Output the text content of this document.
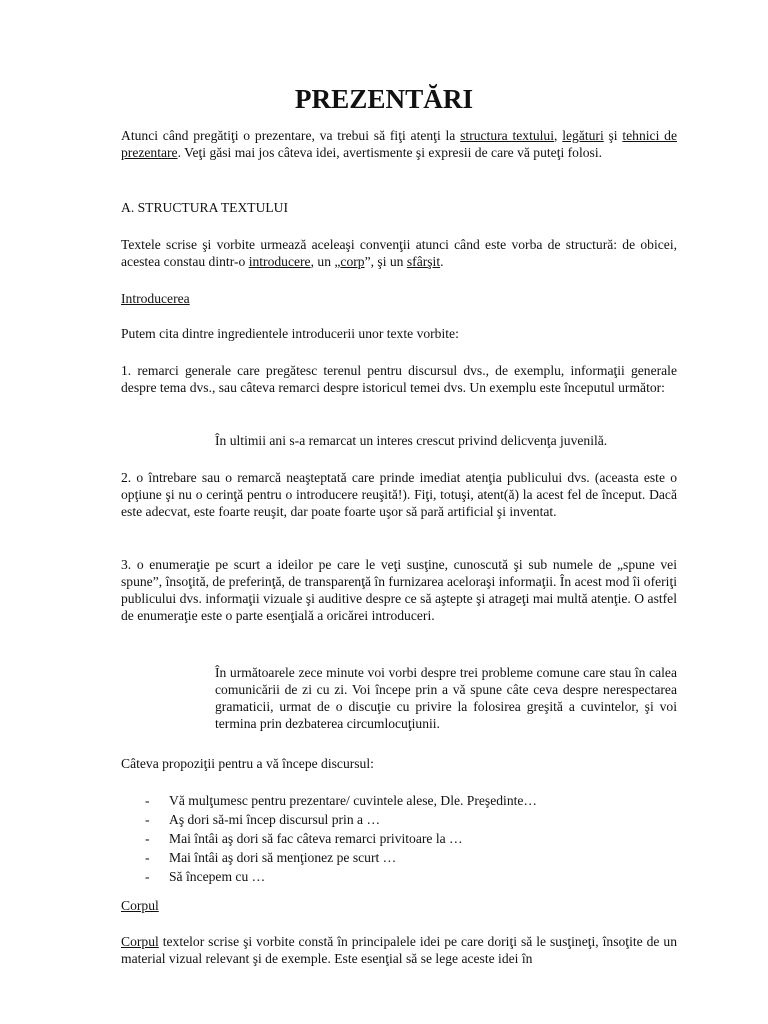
PREZENTĂRI

Atunci când pregătiţi o prezentare, va trebui să fiţi atenţi la structura textului, legături şi tehnici de prezentare. Veţi găsi mai jos câteva idei, avertismente şi expresii de care vă puteţi folosi.

A. STRUCTURA TEXTULUI

Textele scrise şi vorbite urmează aceleaşi convenţii atunci când este vorba de structură: de obicei, acestea constau dintr-o introducere, un „corp”, şi un sfârşit.

Introducerea

Putem cita dintre ingredientele introducerii unor texte vorbite:

1. remarci generale care pregătesc terenul pentru discursul dvs., de exemplu, informaţii generale despre tema dvs., sau câteva remarci despre istoricul temei dvs. Un exemplu este începutul următor:

În ultimii ani s-a remarcat un interes crescut privind delicvenţa juvenilă.

2. o întrebare sau o remarcă neaşteptată care prinde imediat atenţia publicului dvs. (aceasta este o opţiune şi nu o cerinţă pentru o introducere reuşită!). Fiţi, totuşi, atent(ă) la acest fel de început. Dacă este adecvat, este foarte reuşit, dar poate foarte uşor să pară artificial şi inventat.

3. o enumeraţie pe scurt a ideilor pe care le veţi susţine, cunoscută şi sub numele de „spune vei spune”, însoţită, de preferinţă, de transparenţă în furnizarea aceloraşi informaţii. În acest mod îi oferiţi publicului dvs. informaţii vizuale şi auditive despre ce să aştepte şi atrageţi mai multă atenţie. O astfel de enumeraţie este o parte esenţială a oricărei introduceri.

În următoarele zece minute voi vorbi despre trei probleme comune care stau în calea comunicării de zi cu zi. Voi începe prin a vă spune câte ceva despre nerespectarea gramaticii, urmat de o discuţie cu privire la folosirea greşită a cuvintelor, şi voi termina prin dezbaterea circumlocuţiunii.

Câteva propoziţii pentru a vă începe discursul:

- Vă mulţumesc pentru prezentare/ cuvintele alese, Dle. Preşedinte…
- Aş dori să-mi încep discursul prin a …
- Mai întâi aş dori să fac câteva remarci privitoare la …
- Mai întâi aş dori să menţionez pe scurt …
- Să începem cu …

Corpul

Corpul textelor scrise şi vorbite constă în principalele idei pe care doriţi să le susţineţi, însoţite de un material vizual relevant şi de exemple. Este esenţial să se lege aceste idei în
